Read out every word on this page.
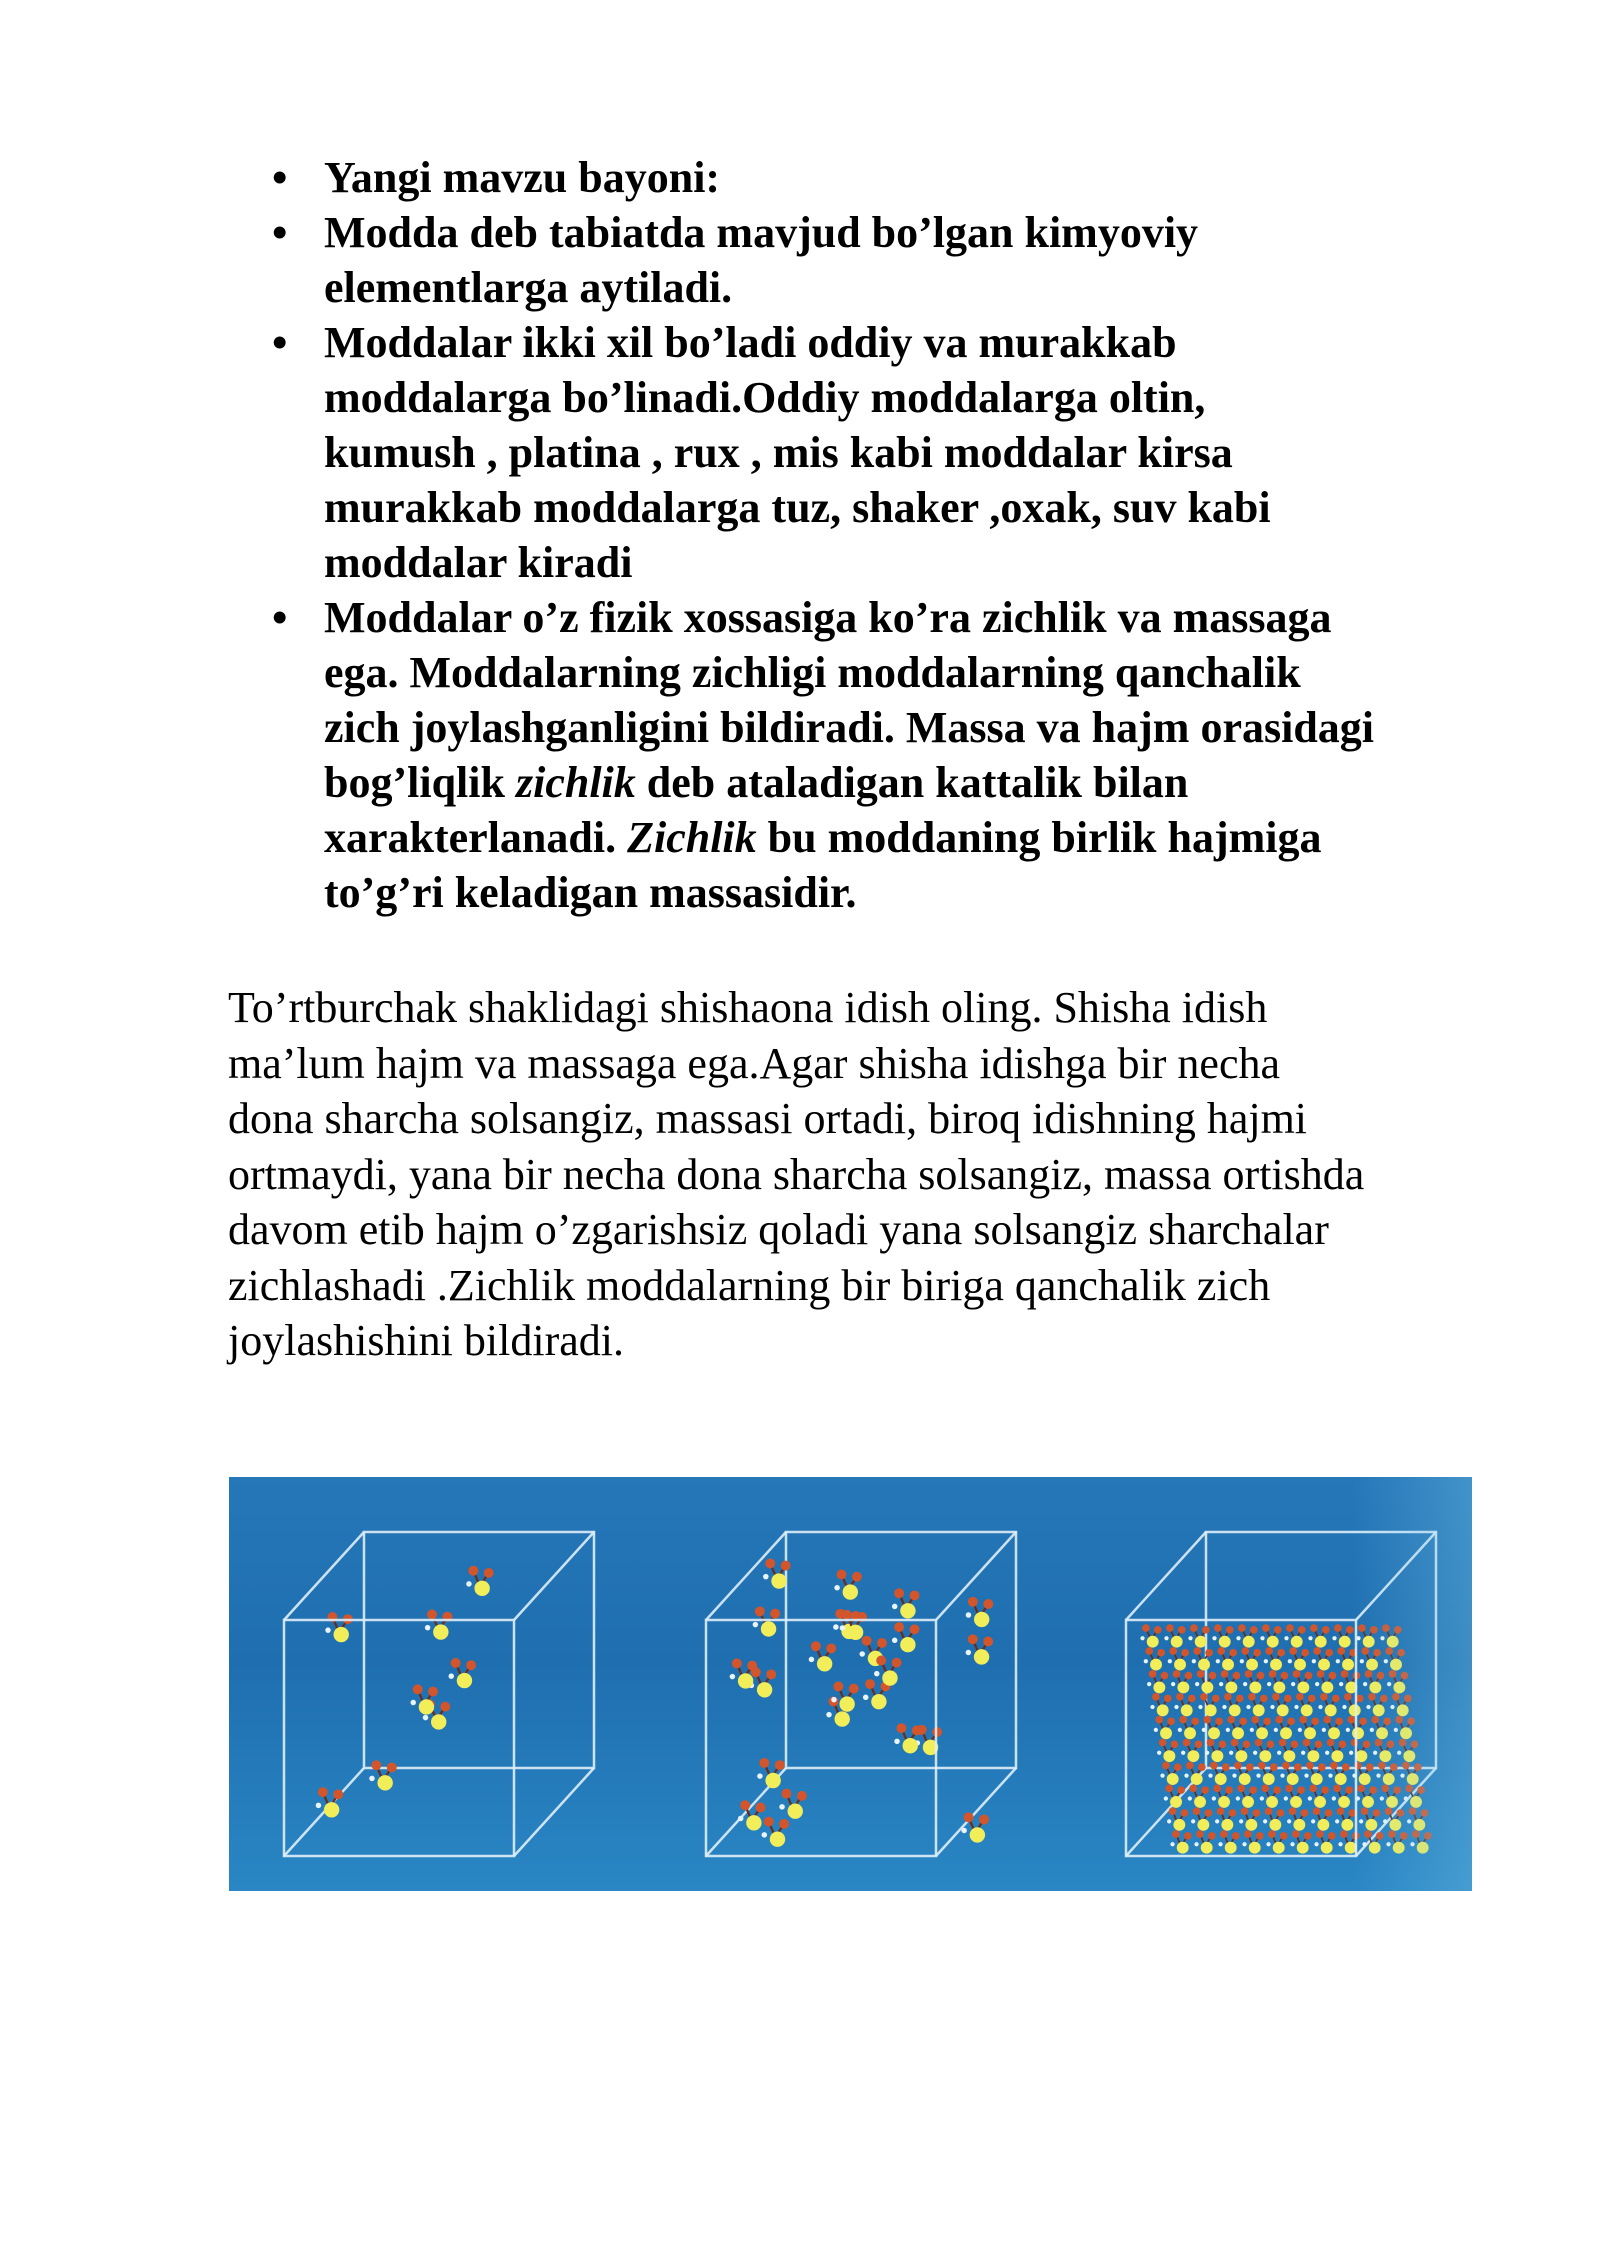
• Yangi mavzu bayoni:
• Modda deb tabiatda mavjud bo’lgan kimyoviy
elementlarga aytiladi.
• Moddalar ikki xil bo’ladi oddiy va murakkab
moddalarga bo’linadi.Oddiy moddalarga oltin,
kumush , platina , rux , mis kabi moddalar kirsa
murakkab moddalarga tuz, shaker ,oxak, suv kabi
moddalar kiradi
• Moddalar o’z fizik xossasiga ko’ra zichlik va massaga
ega. Moddalarning zichligi moddalarning qanchalik
zich joylashganligini bildiradi. Massa va hajm orasidagi
bog’liqlik zichlik deb ataladigan kattalik bilan
xarakterlanadi. Zichlik bu moddaning birlik hajmiga
to’g’ri keladigan massasidir.

To’rtburchak shaklidagi shishaona idish oling. Shisha idish
ma’lum hajm va massaga ega.Agar shisha idishga bir necha
dona sharcha solsangiz, massasi ortadi, biroq idishning hajmi
ortmaydi, yana bir necha dona sharcha solsangiz, massa ortishda
davom etib hajm o’zgarishsiz qoladi yana solsangiz sharchalar
zichlashadi .Zichlik moddalarning bir biriga qanchalik zich
joylashishini bildiradi.
